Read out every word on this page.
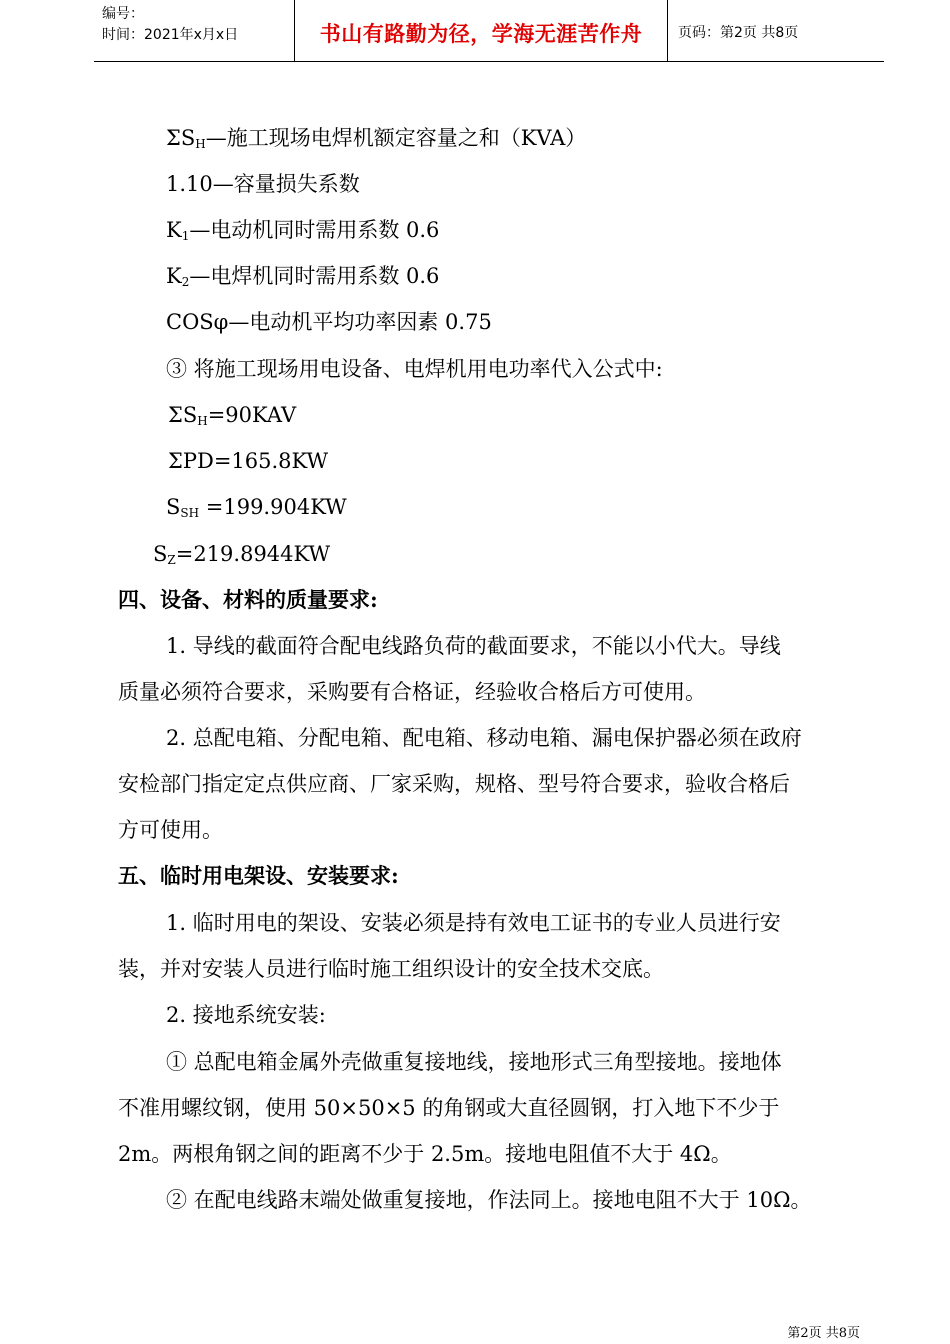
编号：
时间：2021年x月x日	书山有路勤为径，学海无涯苦作舟	页码：第2页 共8页
$\Sigma S_H—$施工现场电焊机额定容量之和（KVA）
1.10—容量损失系数
$K_1—$电动机同时需用系数 0.6
$K_2—$电焊机同时需用系数 0.6
COSφ—电动机平均功率因素 0.75
③ 将施工现场用电设备、电焊机用电功率代入公式中:
$\Sigma S_H=90KAV$
ΣPD=165.8KW
$S_{SH} =199.904KW$
$S_Z=219.8944KW$
四、设备、材料的质量要求:
1. 导线的截面符合配电线路负荷的截面要求，不能以小代大。导线
质量必须符合要求，采购要有合格证，经验收合格后方可使用。
2. 总配电箱、分配电箱、配电箱、移动电箱、漏电保护器必须在政府
安检部门指定定点供应商、厂家采购，规格、型号符合要求，验收合格后
方可使用。
五、临时用电架设、安装要求:
1. 临时用电的架设、安装必须是持有效电工证书的专业人员进行安
装，并对安装人员进行临时施工组织设计的安全技术交底。
2. 接地系统安装:
① 总配电箱金属外壳做重复接地线，接地形式三角型接地。接地体
不准用螺纹钢，使用 50×50×5 的角钢或大直径圆钢，打入地下不少于
2m。两根角钢之间的距离不少于 2.5m。接地电阻值不大于 4Ω。
② 在配电线路末端处做重复接地，作法同上。接地电阻不大于 10Ω。
第2页 共8页
